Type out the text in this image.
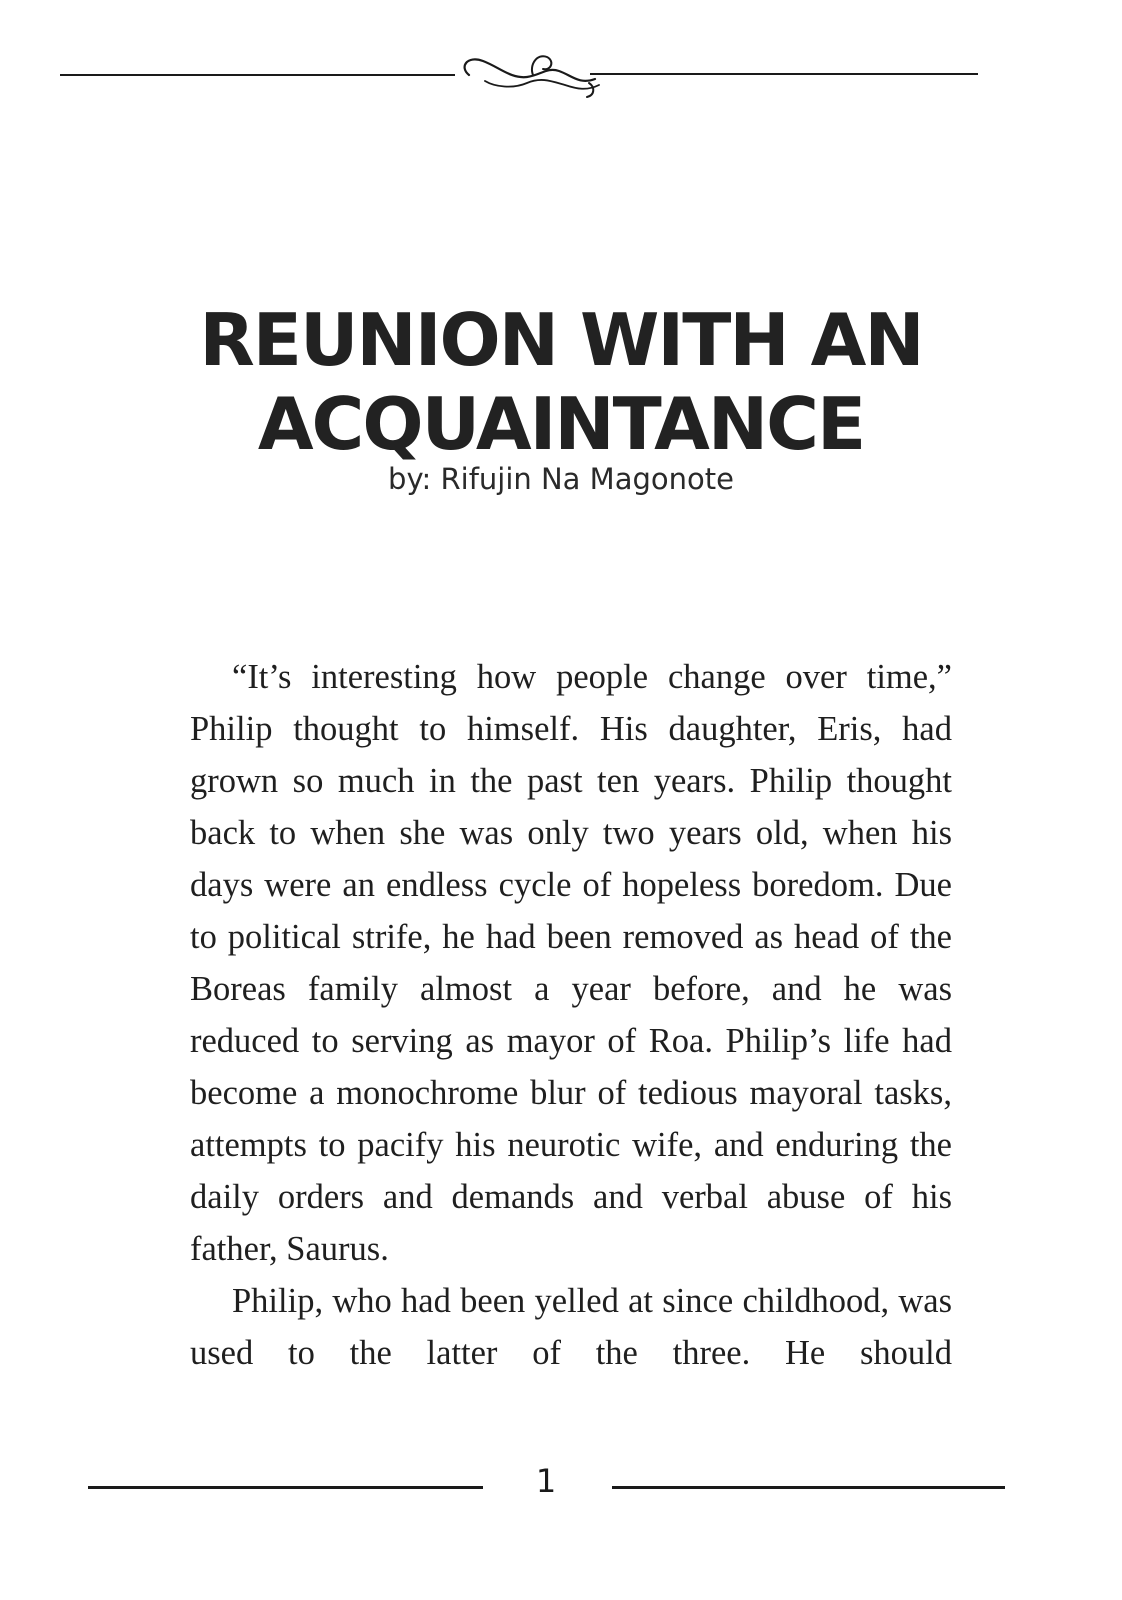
REUNION WITH AN
ACQUAINTANCE

by: Rifujin Na Magonote

“It’s interesting how people change over time,” Philip thought to himself. His daughter, Eris, had grown so much in the past ten years. Philip thought back to when she was only two years old, when his days were an endless cycle of hopeless boredom. Due to political strife, he had been removed as head of the Boreas family almost a year before, and he was reduced to serving as mayor of Roa. Philip’s life had become a monochrome blur of tedious mayoral tasks, attempts to pacify his neurotic wife, and enduring the daily orders and demands and verbal abuse of his father, Saurus.

Philip, who had been yelled at since childhood, was used to the latter of the three. He should

1
